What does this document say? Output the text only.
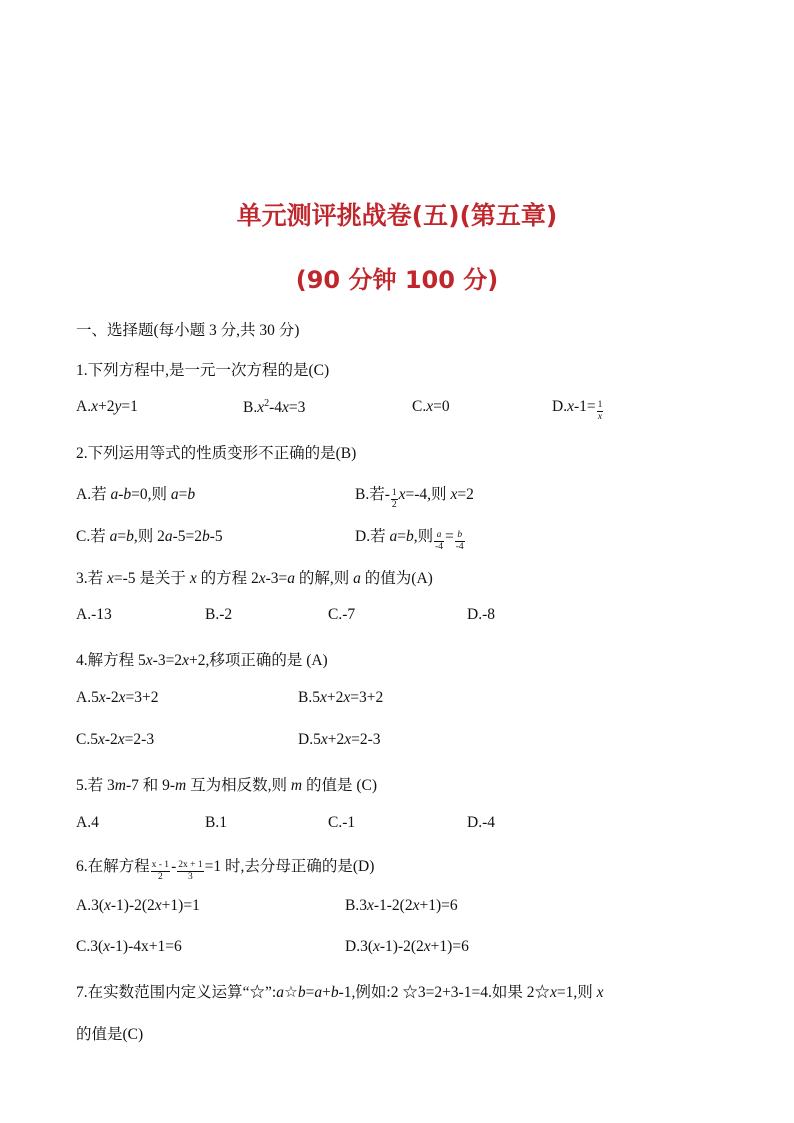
单元测评挑战卷(五)(第五章)
(90 分钟 100 分)
一、选择题(每小题 3 分,共 30 分)
1.下列方程中,是一元一次方程的是(C)
A.x+2y=1	$B.x^2-4x=3$	C.x=0	$D.x-1= \frac{1}{x}$
2.下列运用等式的性质变形不正确的是(B)
A.若 a-b=0,则 a=b	B.若- $\frac{1}{2} x=-4$,则 x=2
C.若 a=b,则 2a-5=2b-5	D.若 a=b,则 $\frac{a}{-4} = \frac{b}{-4}$
3.若 x=-5 是关于 x 的方程 2x-3=a 的解,则 a 的值为(A)
A.-13	B.-2	C.-7	D.-8
4.解方程 5x-3=2x+2,移项正确的是 (A)
A.5x-2x=3+2	B.5x+2x=3+2
C.5x-2x=2-3	D.5x+2x=2-3
5.若 3m-7 和 9-m 互为相反数,则 m 的值是 (C)
A.4	B.1	C.-1	D.-4
6.在解方程 $\frac{x - 1}{2} - \frac{2x + 1}{3} =1$ 时,去分母正确的是(D)
A.3(x-1)-2(2x+1)=1	B.3x-1-2(2x+1)=6
C.3(x-1)-4x+1=6	D.3(x-1)-2(2x+1)=6
7.在实数范围内定义运算“☆”:a☆b=a+b-1,例如:2 ☆3=2+3-1=4.如果 2☆x=1,则 x
的值是(C)
